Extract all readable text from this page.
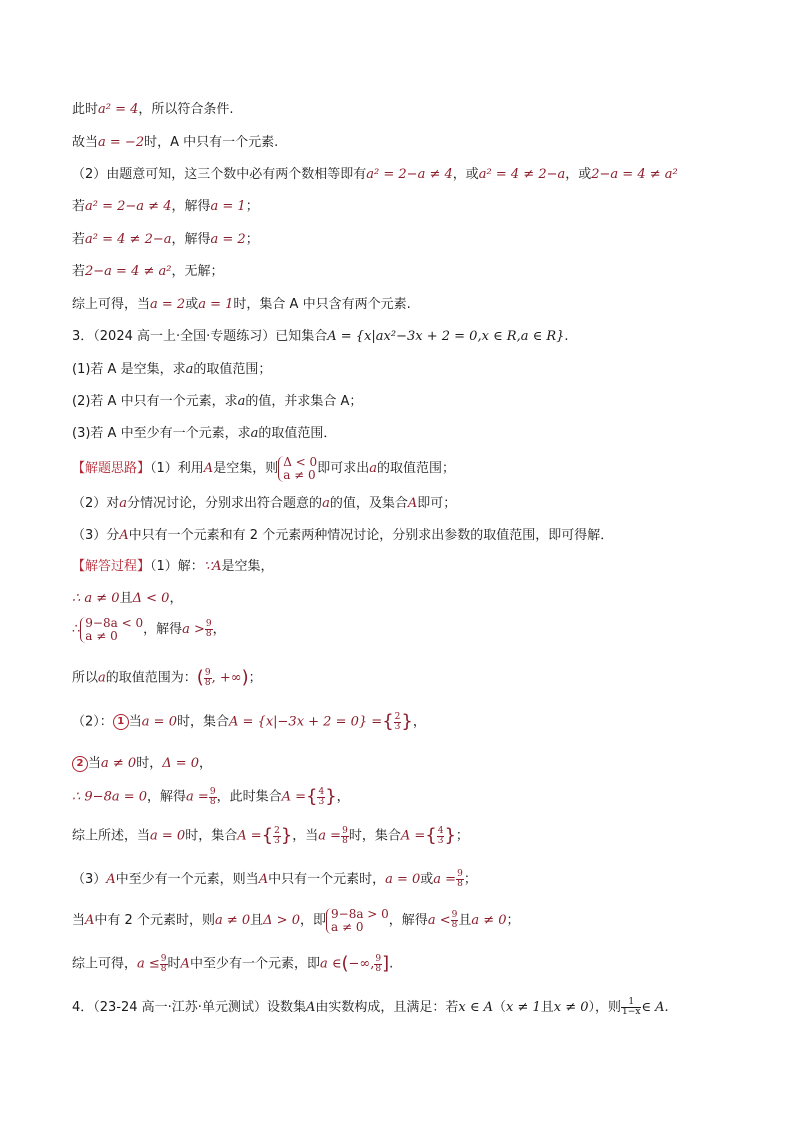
此时a² = 4，所以符合条件.
故当a = −2时，A 中只有一个元素.
（2）由题意可知，这三个数中必有两个数相等即有a² = 2−a ≠ 4，或a² = 4 ≠ 2−a，或2−a = 4 ≠ a²
若a² = 2−a ≠ 4，解得a = 1；
若a² = 4 ≠ 2−a，解得a = 2；
若2−a = 4 ≠ a²，无解；
综上可得，当a = 2或a = 1时，集合 A 中只含有两个元素.
3．（2024 高一上·全国·专题练习）已知集合A = {x|ax²−3x + 2 = 0,x ∈ R,a ∈ R}.
(1)若 A 是空集，求a的取值范围；
(2)若 A 中只有一个元素，求a的值，并求集合 A；
(3)若 A 中至少有一个元素，求a的取值范围．
【解题思路】（1）利用A是空集，则 Δ < 0
a ≠ 0 即可求出a的取值范围；
（2）对a分情况讨论，分别求出符合题意的a的值，及集合A即可；
（3）分A中只有一个元素和有 2 个元素两种情况讨论，分别求出参数的取值范围，即可得解．
【解答过程】（1）解：∵A是空集，
∴ a ≠ 0且Δ < 0，
∴ 9−8a < 0
a ≠ 0	，解得$a > \frac{9}{8}$ ，
所以a的取值范围为：( $\frac{9}{8}$ , +∞)；
（2）： 1 当a = 0时，集合A = {x|−3x + 2 = 0} ={ $\frac{2}{3}$ }，
2 当a ≠ 0时，Δ = 0，
∴ 9−8a = 0，解得$a = \frac{9}{8}$ ，此时集合A ={ $\frac{4}{3}$ }，
综上所述，当a = 0时，集合A ={ $\frac{2}{3}$ }，当$a = \frac{9}{8}$ 时，集合A ={ $\frac{4}{3}$ }；
（3）A中至少有一个元素，则当A中只有一个元素时，a = 0或$a = \frac{9}{8}$ ；
当A中有 2 个元素时，则a ≠ 0且Δ > 0，即 9−8a > 0
a ≠ 0	，解得$a < \frac{9}{8}$ 且a ≠ 0；
综上可得，$a \le \frac{9}{8}$ 时A中至少有一个元素，即a ∈(−∞, $\frac{9}{8}$ ].
4．（23-24 高一·江苏·单元测试）设数集A由实数构成，且满足：若x ∈ A（x ≠ 1且x ≠ 0），则 $\frac{1}{1-x}$ ∈ A.
